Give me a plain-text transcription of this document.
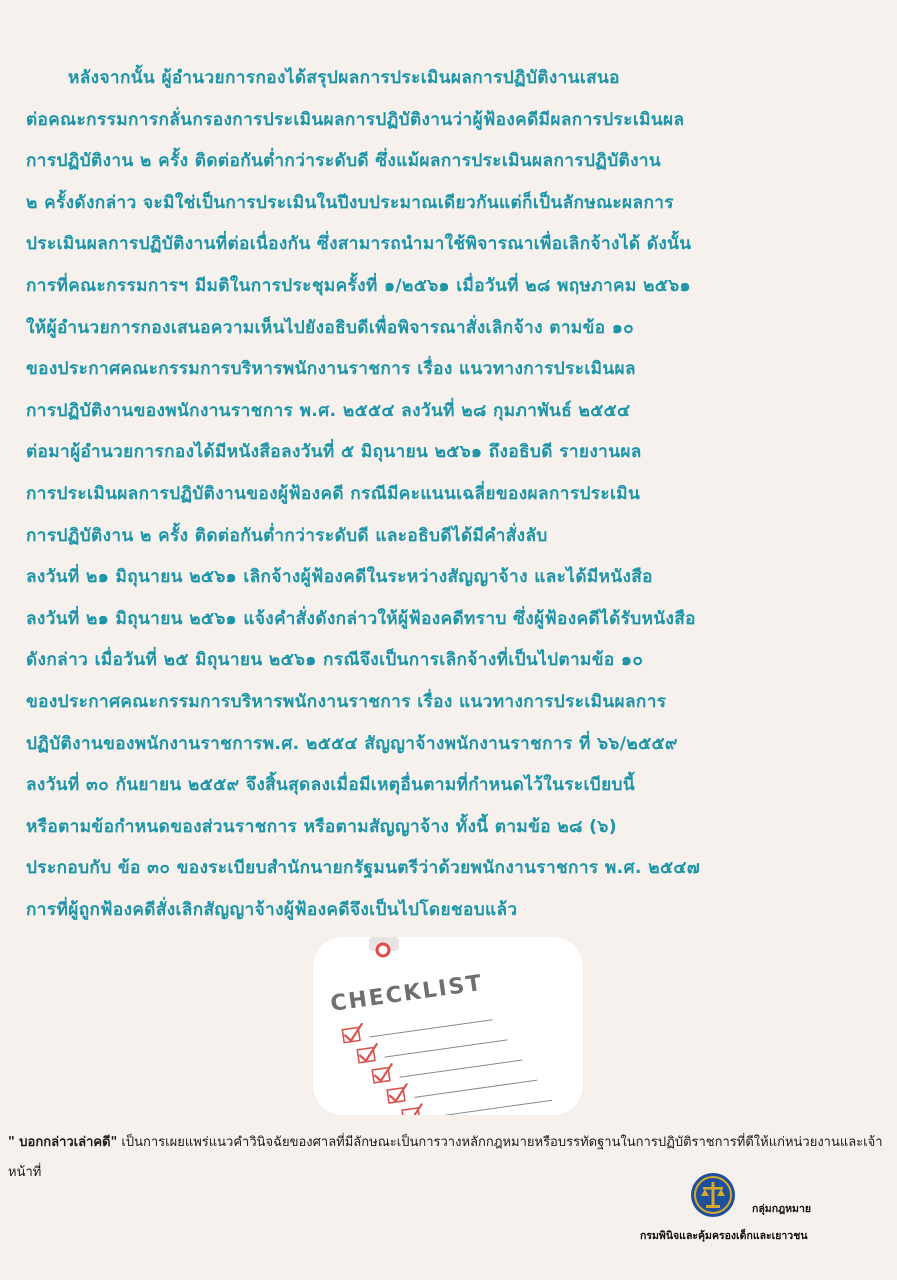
หลังจากนั้น ผู้อำนวยการกองได้สรุปผลการประเมินผลการปฏิบัติงานเสนอ
ต่อคณะกรรมการกลั่นกรองการประเมินผลการปฏิบัติงานว่าผู้ฟ้องคดีมีผลการประเมินผล
การปฏิบัติงาน ๒ ครั้ง ติดต่อกันต่ำกว่าระดับดี ซึ่งแม้ผลการประเมินผลการปฏิบัติงาน
๒ ครั้งดังกล่าว จะมิใช่เป็นการประเมินในปีงบประมาณเดียวกันแต่ก็เป็นลักษณะผลการ
ประเมินผลการปฏิบัติงานที่ต่อเนื่องกัน ซึ่งสามารถนำมาใช้พิจารณาเพื่อเลิกจ้างได้ ดังนั้น
การที่คณะกรรมการฯ มีมติในการประชุมครั้งที่ ๑/๒๕๖๑ เมื่อวันที่ ๒๘ พฤษภาคม ๒๕๖๑
ให้ผู้อำนวยการกองเสนอความเห็นไปยังอธิบดีเพื่อพิจารณาสั่งเลิกจ้าง ตามข้อ ๑๐
ของประกาศคณะกรรมการบริหารพนักงานราชการ เรื่อง แนวทางการประเมินผล
การปฏิบัติงานของพนักงานราชการ พ.ศ. ๒๕๕๔ ลงวันที่ ๒๘ กุมภาพันธ์ ๒๕๕๔
ต่อมาผู้อำนวยการกองได้มีหนังสือลงวันที่ ๕ มิถุนายน ๒๕๖๑ ถึงอธิบดี รายงานผล
การประเมินผลการปฏิบัติงานของผู้ฟ้องคดี กรณีมีคะแนนเฉลี่ยของผลการประเมิน
การปฏิบัติงาน ๒ ครั้ง ติดต่อกันต่ำกว่าระดับดี และอธิบดีได้มีคำสั่งลับ
ลงวันที่ ๒๑ มิถุนายน ๒๕๖๑ เลิกจ้างผู้ฟ้องคดีในระหว่างสัญญาจ้าง และได้มีหนังสือ
ลงวันที่ ๒๑ มิถุนายน ๒๕๖๑ แจ้งคำสั่งดังกล่าวให้ผู้ฟ้องคดีทราบ ซึ่งผู้ฟ้องคดีได้รับหนังสือ
ดังกล่าว เมื่อวันที่ ๒๕ มิถุนายน ๒๕๖๑ กรณีจึงเป็นการเลิกจ้างที่เป็นไปตามข้อ ๑๐
ของประกาศคณะกรรมการบริหารพนักงานราชการ เรื่อง แนวทางการประเมินผลการ
ปฏิบัติงานของพนักงานราชการพ.ศ. ๒๕๕๔ สัญญาจ้างพนักงานราชการ ที่ ๖๖/๒๕๕๙
ลงวันที่ ๓๐ กันยายน ๒๕๕๙ จึงสิ้นสุดลงเมื่อมีเหตุอื่นตามที่กำหนดไว้ในระเบียบนี้
หรือตามข้อกำหนดของส่วนราชการ หรือตามสัญญาจ้าง ทั้งนี้ ตามข้อ ๒๘ (๖)
ประกอบกับ ข้อ ๓๐ ของระเบียบสำนักนายกรัฐมนตรีว่าด้วยพนักงานราชการ พ.ศ. ๒๕๔๗
การที่ผู้ถูกฟ้องคดีสั่งเลิกสัญญาจ้างผู้ฟ้องคดีจึงเป็นไปโดยชอบแล้ว
CHECKLIST
" บอกกล่าวเล่าคดี" เป็นการเผยแพร่แนวคำวินิจฉัยของศาลที่มีลักษณะเป็นการวางหลักกฎหมายหรือบรรทัดฐานในการปฏิบัติราชการที่ดีให้แก่หน่วยงานและเจ้าหน้าที่
กลุ่มกฎหมาย
กรมพินิจและคุ้มครองเด็กและเยาวชน
